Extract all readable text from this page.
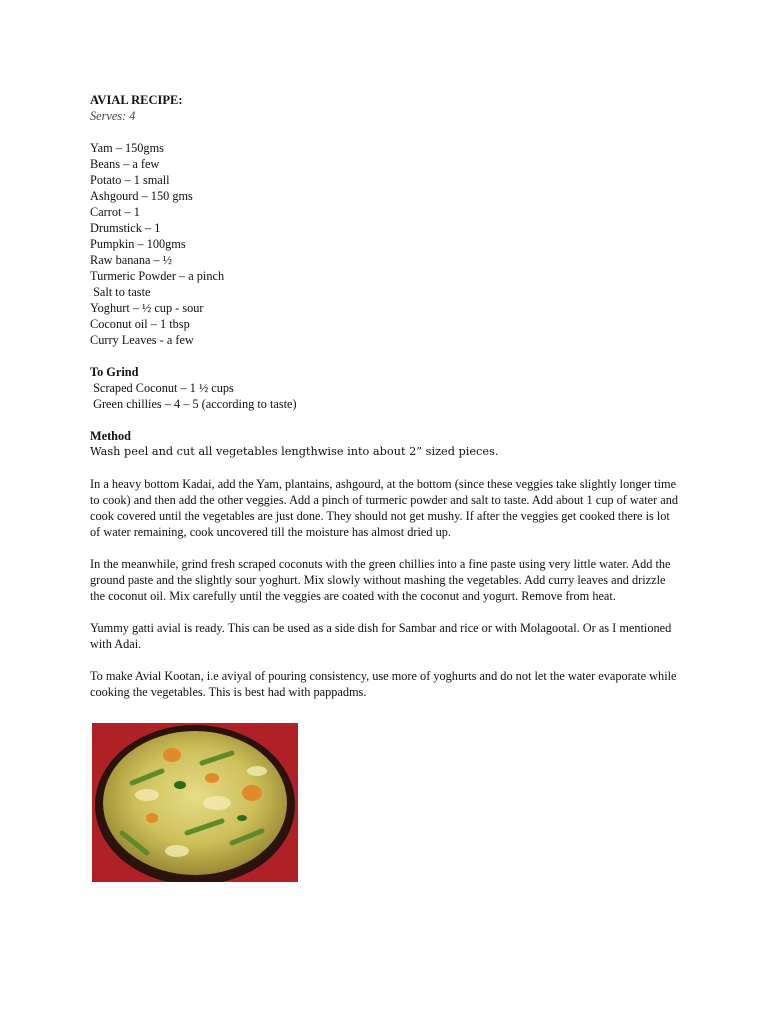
AVIAL RECIPE:

Serves: 4

Yam – 150gms
Beans – a few
Potato – 1 small
Ashgourd – 150 gms
Carrot – 1
Drumstick – 1
Pumpkin – 100gms
Raw banana – ½
Turmeric Powder – a pinch
Salt to taste
Yoghurt – ½ cup - sour
Coconut oil – 1 tbsp
Curry Leaves - a few

To Grind

Scraped Coconut – 1 ½ cups
Green chillies – 4 – 5 (according to taste)

Method

Wash peel and cut all vegetables lengthwise into about 2” sized pieces.

In a heavy bottom Kadai, add the Yam, plantains, ashgourd, at the bottom (since these veggies take slightly longer time to cook) and then add the other veggies. Add a pinch of turmeric powder and salt to taste. Add about 1 cup of water and cook covered until the vegetables are just done. They should not get mushy. If after the veggies get cooked there is lot of water remaining, cook uncovered till the moisture has almost dried up.

In the meanwhile, grind fresh scraped coconuts with the green chillies into a fine paste using very little water. Add the ground paste and the slightly sour yoghurt. Mix slowly without mashing the vegetables. Add curry leaves and drizzle the coconut oil. Mix carefully until the veggies are coated with the coconut and yogurt. Remove from heat.

Yummy gatti avial is ready. This can be used as a side dish for Sambar and rice or with Molagootal. Or as I mentioned with Adai.

To make Avial Kootan, i.e aviyal of pouring consistency, use more of yoghurts and do not let the water evaporate while cooking the vegetables. This is best had with pappadms.
